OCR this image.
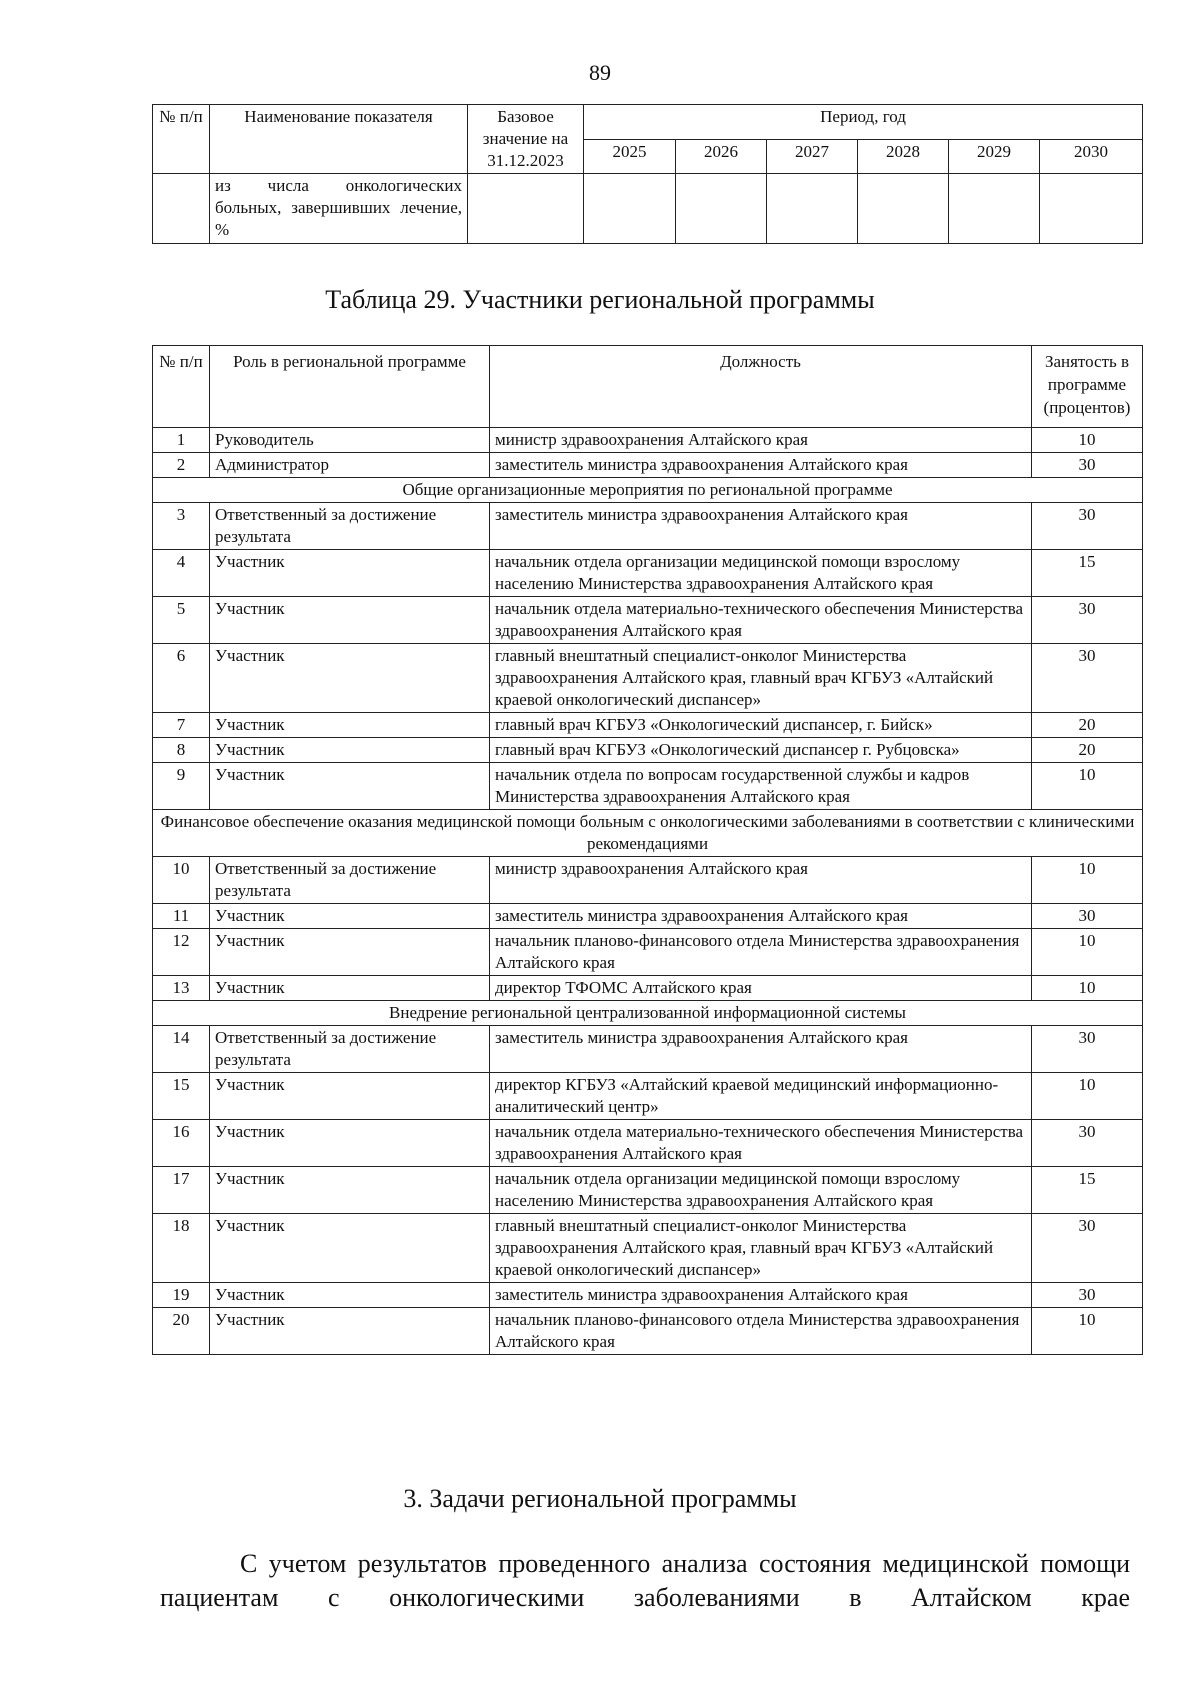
89
№ п/п	Наименование показателя	Базовое значение на 31.12.2023	Период, год					
			2025	2026	2027	2028	2029	2030
	из числа онкологических больных, завершивших лечение, %							
Таблица 29. Участники региональной программы
№ п/п	Роль в региональной программе	Должность	Занятость в программе (процентов)
1	Руководитель	министр здравоохранения Алтайского края	10
2	Администратор	заместитель министра здравоохранения Алтайского края	30
Общие организационные мероприятия по региональной программе			
3	Ответственный за достижение результата	заместитель министра здравоохранения Алтайского края	30
4	Участник	начальник отдела организации медицинской помощи взрослому населению Министерства здравоохранения Алтайского края	15
5	Участник	начальник отдела материально-технического обеспечения Министерства здравоохранения Алтайского края	30
6	Участник	главный внештатный специалист-онколог Министерства здравоохранения Алтайского края, главный врач КГБУЗ «Алтайский краевой онкологический диспансер»	30
7	Участник	главный врач КГБУЗ «Онкологический диспансер, г. Бийск»	20
8	Участник	главный врач КГБУЗ «Онкологический диспансер г. Рубцовска»	20
9	Участник	начальник отдела по вопросам государственной службы и кадров Министерства здравоохранения Алтайского края	10
Финансовое обеспечение оказания медицинской помощи больным с онкологическими заболеваниями в соответствии с клиническими рекомендациями			
10	Ответственный за достижение результата	министр здравоохранения Алтайского края	10
11	Участник	заместитель министра здравоохранения Алтайского края	30
12	Участник	начальник планово-финансового отдела Министерства здравоохранения Алтайского края	10
13	Участник	директор ТФОМС Алтайского края	10
Внедрение региональной централизованной информационной системы			
14	Ответственный за достижение результата	заместитель министра здравоохранения Алтайского края	30
15	Участник	директор КГБУЗ «Алтайский краевой медицинский информационно-аналитический центр»	10
16	Участник	начальник отдела материально-технического обеспечения Министерства здравоохранения Алтайского края	30
17	Участник	начальник отдела организации медицинской помощи взрослому населению Министерства здравоохранения Алтайского края	15
18	Участник	главный внештатный специалист-онколог Министерства здравоохранения Алтайского края, главный врач КГБУЗ «Алтайский краевой онкологический диспансер»	30
19	Участник	заместитель министра здравоохранения Алтайского края	30
20	Участник	начальник планово-финансового отдела Министерства здравоохранения Алтайского края	10
3. Задачи региональной программы
С учетом результатов проведенного анализа состояния медицинской помощи пациентам с онкологическими заболеваниями в Алтайском крае
